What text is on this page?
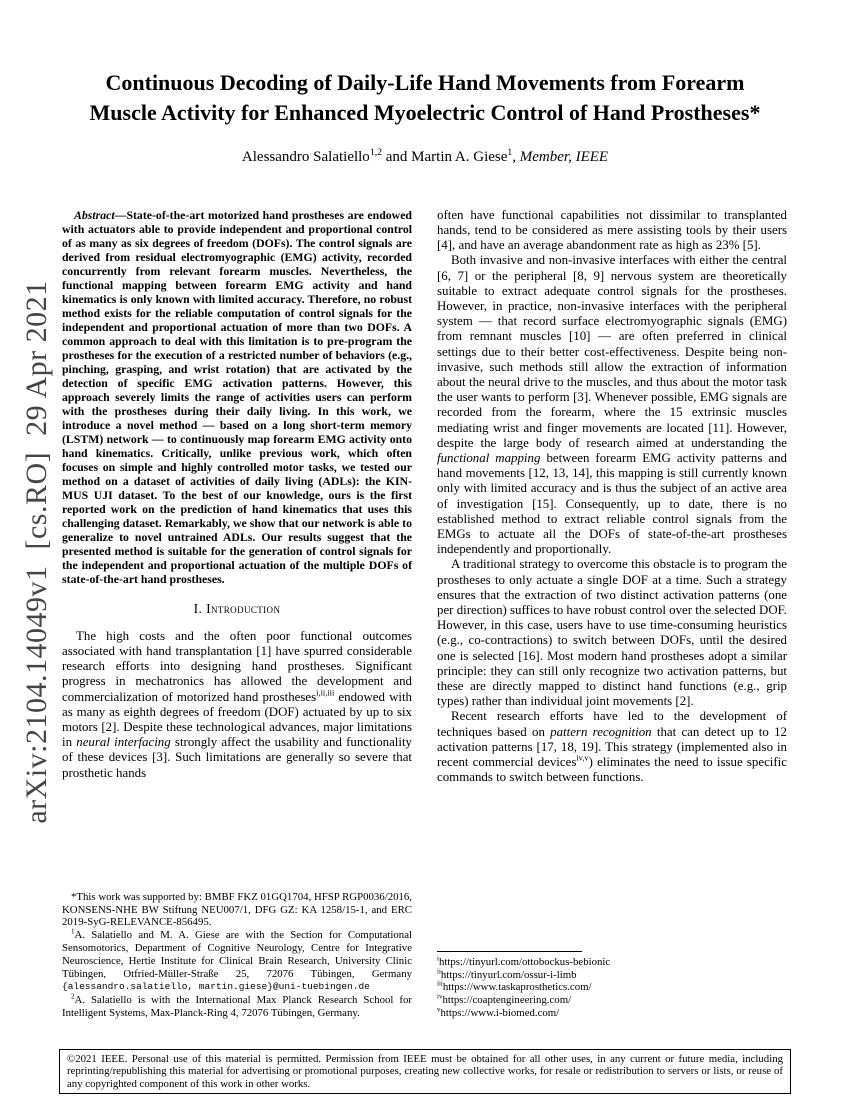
arXiv:2104.14049v1  [cs.RO]  29 Apr 2021
Continuous Decoding of Daily-Life Hand Movements from Forearm Muscle Activity for Enhanced Myoelectric Control of Hand Prostheses*
Alessandro Salatiello$^{1,2}$ and Martin A. Giese$^1$, Member, IEEE

Abstract—State-of-the-art motorized hand prostheses are endowed with actuators able to provide independent and proportional control of as many as six degrees of freedom (DOFs). The control signals are derived from residual electromyographic (EMG) activity, recorded concurrently from relevant forearm muscles. Nevertheless, the functional mapping between forearm EMG activity and hand kinematics is only known with limited accuracy. Therefore, no robust method exists for the reliable computation of control signals for the independent and proportional actuation of more than two DOFs. A common approach to deal with this limitation is to pre-program the prostheses for the execution of a restricted number of behaviors (e.g., pinching, grasping, and wrist rotation) that are activated by the detection of specific EMG activation patterns. However, this approach severely limits the range of activities users can perform with the prostheses during their daily living. In this work, we introduce a novel method — based on a long short-term memory (LSTM) network — to continuously map forearm EMG activity onto hand kinematics. Critically, unlike previous work, which often focuses on simple and highly controlled motor tasks, we tested our method on a dataset of activities of daily living (ADLs): the KIN-MUS UJI dataset. To the best of our knowledge, ours is the first reported work on the prediction of hand kinematics that uses this challenging dataset. Remarkably, we show that our network is able to generalize to novel untrained ADLs. Our results suggest that the presented method is suitable for the generation of control signals for the independent and proportional actuation of the multiple DOFs of state-of-the-art hand prostheses.

I. Introduction

The high costs and the often poor functional outcomes associated with hand transplantation [1] have spurred considerable research efforts into designing hand prostheses. Significant progress in mechatronics has allowed the development and commercialization of motorized hand prostheses$^{i,ii,iii}$ endowed with as many as eighth degrees of freedom (DOF) actuated by up to six motors [2]. Despite these technological advances, major limitations in neural interfacing strongly affect the usability and functionality of these devices [3]. Such limitations are generally so severe that prosthetic hands

*This work was supported by: BMBF FKZ 01GQ1704, HFSP RGP0036/2016, KONSENS-NHE BW Stiftung NEU007/1, DFG GZ: KA 1258/15-1, and ERC 2019-SyG-RELEVANCE-856495.

$^1$A. Salatiello and M. A. Giese are with the Section for Computational Sensomotorics, Department of Cognitive Neurology, Centre for Integrative Neuroscience, Hertie Institute for Clinical Brain Research, University Clinic Tübingen, Otfried-Müller-Straße 25, 72076 Tübingen, Germany {alessandro.salatiello, martin.giese}@uni-tuebingen.de

$^2$A. Salatiello is with the International Max Planck Research School for Intelligent Systems, Max-Planck-Ring 4, 72076 Tübingen, Germany.

often have functional capabilities not dissimilar to transplanted hands, tend to be considered as mere assisting tools by their users [4], and have an average abandonment rate as high as 23% [5].

Both invasive and non-invasive interfaces with either the central [6, 7] or the peripheral [8, 9] nervous system are theoretically suitable to extract adequate control signals for the prostheses. However, in practice, non-invasive interfaces with the peripheral system — that record surface electromyographic signals (EMG) from remnant muscles [10] — are often preferred in clinical settings due to their better cost-effectiveness. Despite being non-invasive, such methods still allow the extraction of information about the neural drive to the muscles, and thus about the motor task the user wants to perform [3]. Whenever possible, EMG signals are recorded from the forearm, where the 15 extrinsic muscles mediating wrist and finger movements are located [11]. However, despite the large body of research aimed at understanding the functional mapping between forearm EMG activity patterns and hand movements [12, 13, 14], this mapping is still currently known only with limited accuracy and is thus the subject of an active area of investigation [15]. Consequently, up to date, there is no established method to extract reliable control signals from the EMGs to actuate all the DOFs of state-of-the-art prostheses independently and proportionally.

A traditional strategy to overcome this obstacle is to program the prostheses to only actuate a single DOF at a time. Such a strategy ensures that the extraction of two distinct activation patterns (one per direction) suffices to have robust control over the selected DOF. However, in this case, users have to use time-consuming heuristics (e.g., co-contractions) to switch between DOFs, until the desired one is selected [16]. Most modern hand prostheses adopt a similar principle: they can still only recognize two activation patterns, but these are directly mapped to distinct hand functions (e.g., grip types) rather than individual joint movements [2].

Recent research efforts have led to the development of techniques based on pattern recognition that can detect up to 12 activation patterns [17, 18, 19]. This strategy (implemented also in recent commercial devices$^{iv,v}$) eliminates the need to issue specific commands to switch between functions.

$^i$https://tinyurl.com/ottobockus-bebionic

$^{ii}$https://tinyurl.com/ossur-i-limb

$^{iii}$https://www.taskaprosthetics.com/

$^{iv}$https://coaptengineering.com/

$^v$https://www.i-biomed.com/

©2021 IEEE. Personal use of this material is permitted. Permission from IEEE must be obtained for all other uses, in any current or future media, including reprinting/republishing this material for advertising or promotional purposes, creating new collective works, for resale or redistribution to servers or lists, or reuse of any copyrighted component of this work in other works.
